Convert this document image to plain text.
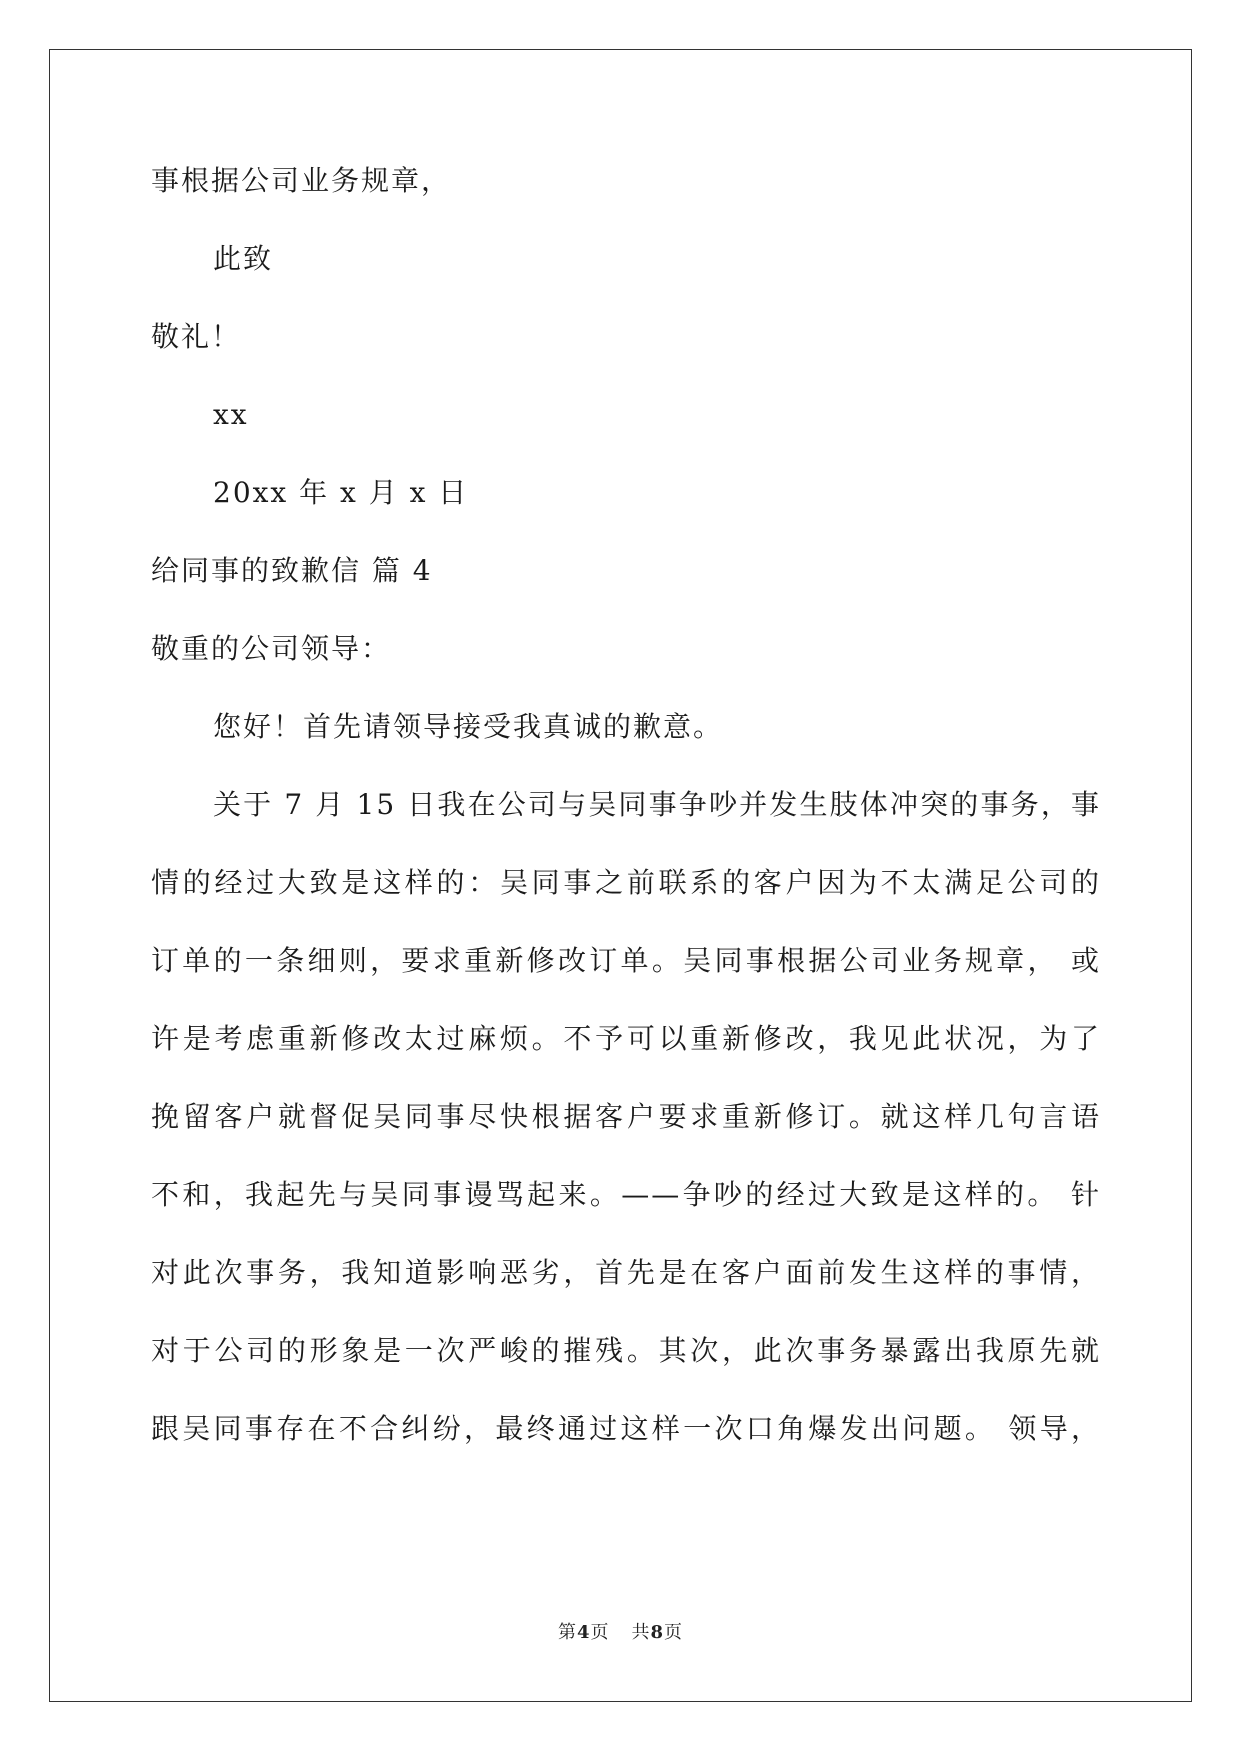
事根据公司业务规章，
此致
敬礼！
xx
20xx 年 x 月 x 日
给同事的致歉信 篇 4
敬重的公司领导：
您好！首先请领导接受我真诚的歉意。
关于 7 月 15 日我在公司与吴同事争吵并发生肢体冲突的事务，事
情的经过大致是这样的：吴同事之前联系的客户因为不太满足公司的
订单的一条细则，要求重新修改订单。吴同事根据公司业务规章， 或
许是考虑重新修改太过麻烦。不予可以重新修改，我见此状况，为了
挽留客户就督促吴同事尽快根据客户要求重新修订。就这样几句言语
不和，我起先与吴同事谩骂起来。——争吵的经过大致是这样的。 针
对此次事务，我知道影响恶劣，首先是在客户面前发生这样的事情，
对于公司的形象是一次严峻的摧残。其次，此次事务暴露出我原先就
跟吴同事存在不合纠纷，最终通过这样一次口角爆发出问题。 领导，
第4页 共8页
